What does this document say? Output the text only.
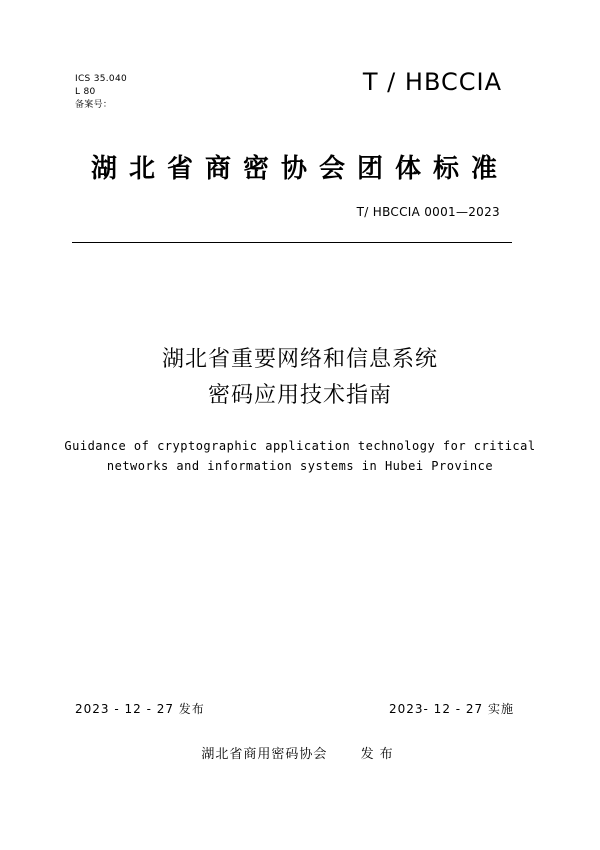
ICS 35.040
L 80
备案号：
T / HBCCIA
湖北省商密协会团体标准
T/ HBCCIA 0001—2023
湖北省重要网络和信息系统
密码应用技术指南
Guidance of cryptographic application technology for critical
networks and information systems in Hubei Province
2023 - 12 - 27 发布	2023- 12 - 27 实施
湖北省商用密码协会	发布
